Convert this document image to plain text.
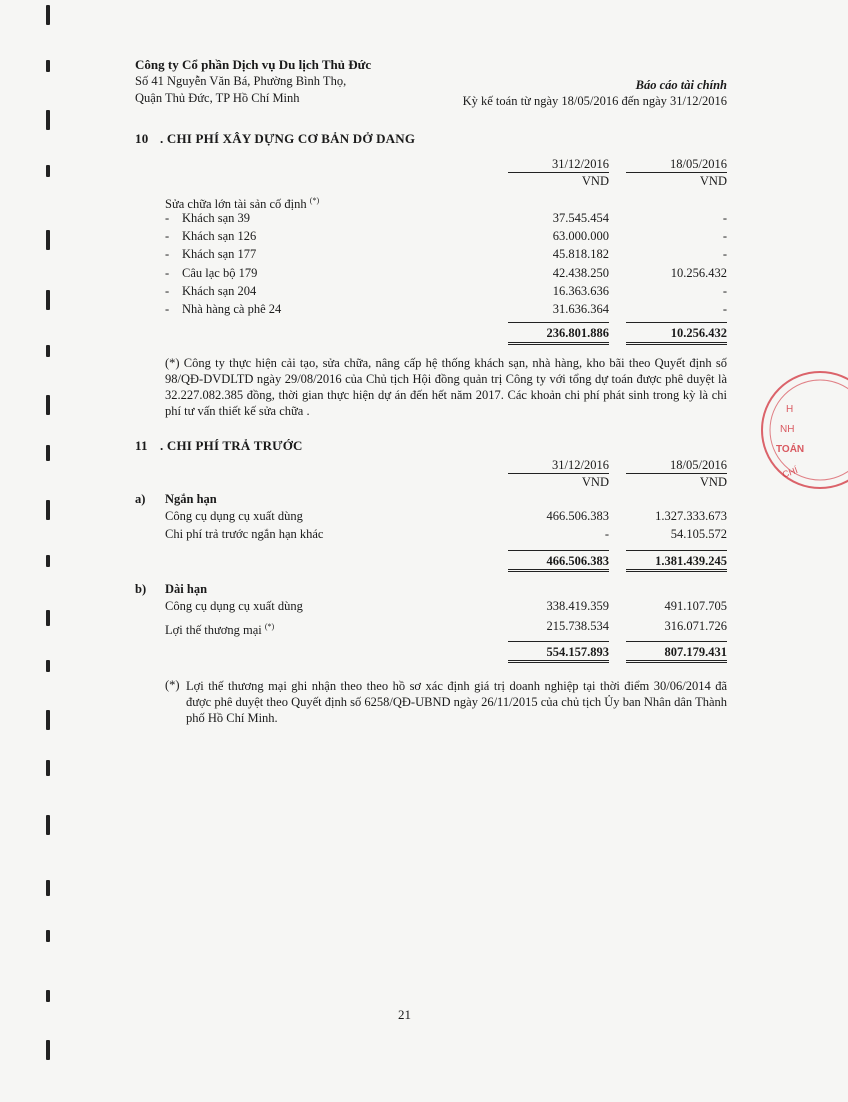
Công ty Cổ phần Dịch vụ Du lịch Thủ Đức
Số 41 Nguyễn Văn Bá, Phường Bình Thọ,
Quận Thủ Đức, TP Hồ Chí Minh
Báo cáo tài chính
Kỳ kế toán từ ngày 18/05/2016 đến ngày 31/12/2016
10 . CHI PHÍ XÂY DỰNG CƠ BẢN DỞ DANG
31/12/2016	18/05/2016
VND	VND
Sửa chữa lớn tài sản cố định (*)
- Khách sạn 39	37.545.454	-
- Khách sạn 126	63.000.000	-
- Khách sạn 177	45.818.182	-
- Câu lạc bộ 179	42.438.250	10.256.432
- Khách sạn 204	16.363.636	-
- Nhà hàng cà phê 24	31.636.364	-
236.801.886	10.256.432
(*) Công ty thực hiện cải tạo, sửa chữa, nâng cấp hệ thống khách sạn, nhà hàng, kho bãi theo Quyết định số 98/QĐ-DVDLTD ngày 29/08/2016 của Chủ tịch Hội đồng quản trị Công ty với tổng dự toán được phê duyệt là 32.227.082.385 đồng, thời gian thực hiện dự án đến hết năm 2017. Các khoản chi phí phát sinh trong kỳ là chi phí tư vấn thiết kế sửa chữa .
11 . CHI PHÍ TRẢ TRƯỚC
31/12/2016	18/05/2016
VND	VND
a) Ngắn hạn
Công cụ dụng cụ xuất dùng	466.506.383	1.327.333.673
Chi phí trả trước ngắn hạn khác	-	54.105.572
466.506.383	1.381.439.245
b) Dài hạn
Công cụ dụng cụ xuất dùng	338.419.359	491.107.705
Lợi thế thương mại (*)	215.738.534	316.071.726
554.157.893	807.179.431
(*) Lợi thế thương mại ghi nhận theo theo hồ sơ xác định giá trị doanh nghiệp tại thời điểm 30/06/2014 đã được phê duyệt theo Quyết định số 6258/QĐ-UBND ngày 26/11/2015 của chủ tịch Ủy ban Nhân dân Thành phố Hồ Chí Minh.
21
H
NH
TOÁN
CHÍ
